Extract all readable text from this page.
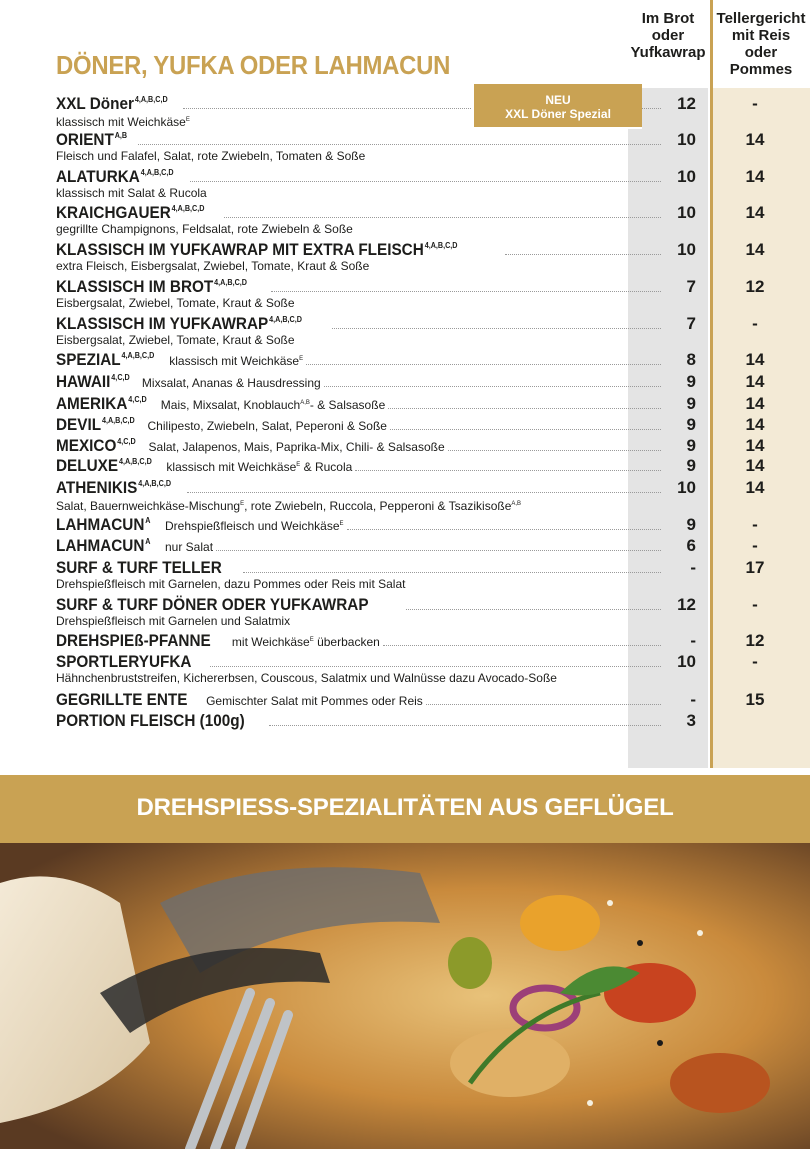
Im Brot
oder
Yufkawrap
Tellergericht
mit Reis
oder
Pommes
DÖNER, YUFKA ODER LAHMACUN
XXL Döner$^{4,A,B,C,D}$
klassisch mit Weichkäse$^E$
12	-
$ORIENT^{A,B}$
Fleisch und Falafel, Salat, rote Zwiebeln, Tomaten & Soße
10	14
$ALATURKA^{4,A,B,C,D}$
klassisch mit Salat & Rucola
10	14
$KRAICHGAUER^{4,A,B,C,D}$
gegrillte Champignons, Feldsalat, rote Zwiebeln & Soße
10	14
KLASSISCH IM YUFKAWRAP MIT EXTRA $FLEISCH^{4,A,B,C,D}$
extra Fleisch, Eisbergsalat, Zwiebel, Tomate, Kraut & Soße
10	14
KLASSISCH IM $BROT^{4,A,B,C,D}$
Eisbergsalat, Zwiebel, Tomate, Kraut & Soße
7	12
KLASSISCH IM $YUFKAWRAP^{4,A,B,C,D}$
Eisbergsalat, Zwiebel, Tomate, Kraut & Soße
7	-
$SPEZIAL^{4,A,B,C,D}$ klassisch mit Weichkäse$^E$	8	14
$HAWAII^{4,C,D}$ Mixsalat, Ananas & Hausdressing	9	14
$AMERIKA^{4,C,D}$ Mais, Mixsalat, Knoblauch$^{A,B}$- & Salsasoße	9	14
$DEVIL^{4,A,B,C,D}$ Chilipesto, Zwiebeln, Salat, Peperoni & Soße	9	14
$MEXICO^{4,C,D}$ Salat, Jalapenos, Mais, Paprika-Mix, Chili- & Salsasoße	9	14
$DELUXE^{4,A,B,C,D}$ klassisch mit Weichkäse$^E$ & Rucola	9	14
$ATHENIKIS^{4,A,B,C,D}$
Salat, Bauernweichkäse-Mischung$^E$, rote Zwiebeln, Ruccola, Pepperoni & Tsazikisoße$^{A,B}$
10	14
$LAHMACUN^A$ Drehspießfleisch und Weichkäse$^E$	9	-
$LAHMACUN^A$ nur Salat	6	-
SURF & TURF TELLER
Drehspießfleisch mit Garnelen, dazu Pommes oder Reis mit Salat
-	17
SURF & TURF DÖNER ODER YUFKAWRAP
Drehspießfleisch mit Garnelen und Salatmix
12	-
DREHSPIEß-PFANNE mit Weichkäse$^E$ überbacken	-	12
SPORTLERYUFKA
Hähnchenbruststreifen, Kichererbsen, Couscous, Salatmix und Walnüsse dazu Avocado-Soße
10	-
GEGRILLTE ENTE Gemischter Salat mit Pommes oder Reis	-	15
PORTION FLEISCH (100g)	3
NEU
XXL Döner Spezial
DREHSPIESS-SPEZIALITÄTEN AUS GEFLÜGEL
